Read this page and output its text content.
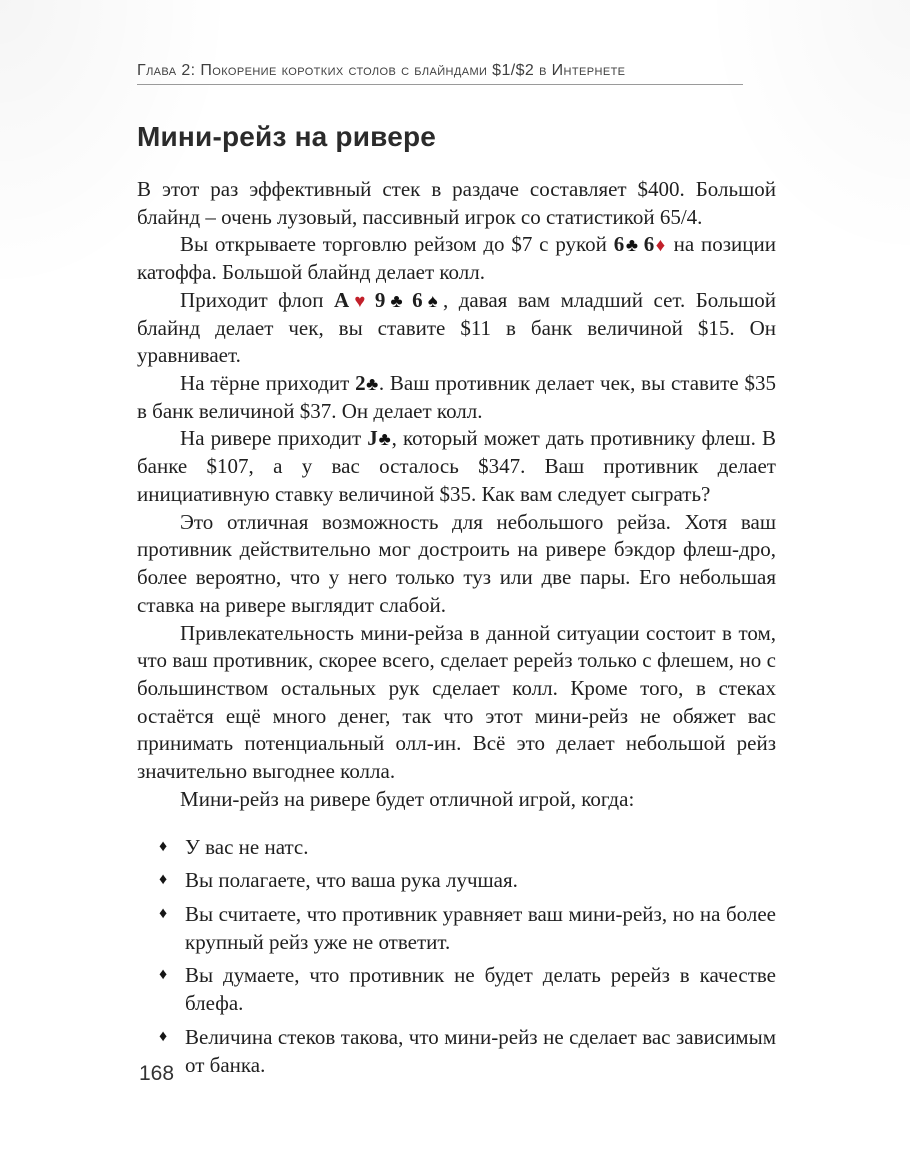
Глава 2: Покорение коротких столов с блайндами $1/$2 в Интернете
Мини-рейз на ривере

В этот раз эффективный стек в раздаче составляет $400. Большой блайнд – очень лузовый, пассивный игрок со статистикой 65/4.

Вы открываете торговлю рейзом до $7 с рукой 6♣  6♦ на позиции катоффа. Большой блайнд делает колл.

Приходит флоп A♥  9♣  6♠, давая вам младший сет. Большой блайнд делает чек, вы ставите $11 в банк величиной $15. Он уравнивает.

На тёрне приходит 2♣. Ваш противник делает чек, вы ставите $35 в банк величиной $37. Он делает колл.

На ривере приходит J♣, который может дать противнику флеш. В банке $107, а у вас осталось $347. Ваш противник делает инициативную ставку величиной $35. Как вам следует сыграть?

Это отличная возможность для небольшого рейза. Хотя ваш противник действительно мог достроить на ривере бэкдор флеш-дро, более вероятно, что у него только туз или две пары. Его небольшая ставка на ривере выглядит слабой.

Привлекательность мини-рейза в данной ситуации состоит в том, что ваш противник, скорее всего, сделает ререйз только с флешем, но с большинством остальных рук сделает колл. Кроме того, в стеках остаётся ещё много денег, так что этот мини-рейз не обяжет вас принимать потенциальный олл-ин. Всё это делает небольшой рейз значительно выгоднее колла.

Мини-рейз на ривере будет отличной игрой, когда:

♦ У вас не натс.
♦ Вы полагаете, что ваша рука лучшая.
♦ Вы считаете, что противник уравняет ваш мини-рейз, но на более крупный рейз уже не ответит.
♦ Вы думаете, что противник не будет делать ререйз в качестве блефа.
♦ Величина стеков такова, что мини-рейз не сделает вас зависимым от банка.
168
